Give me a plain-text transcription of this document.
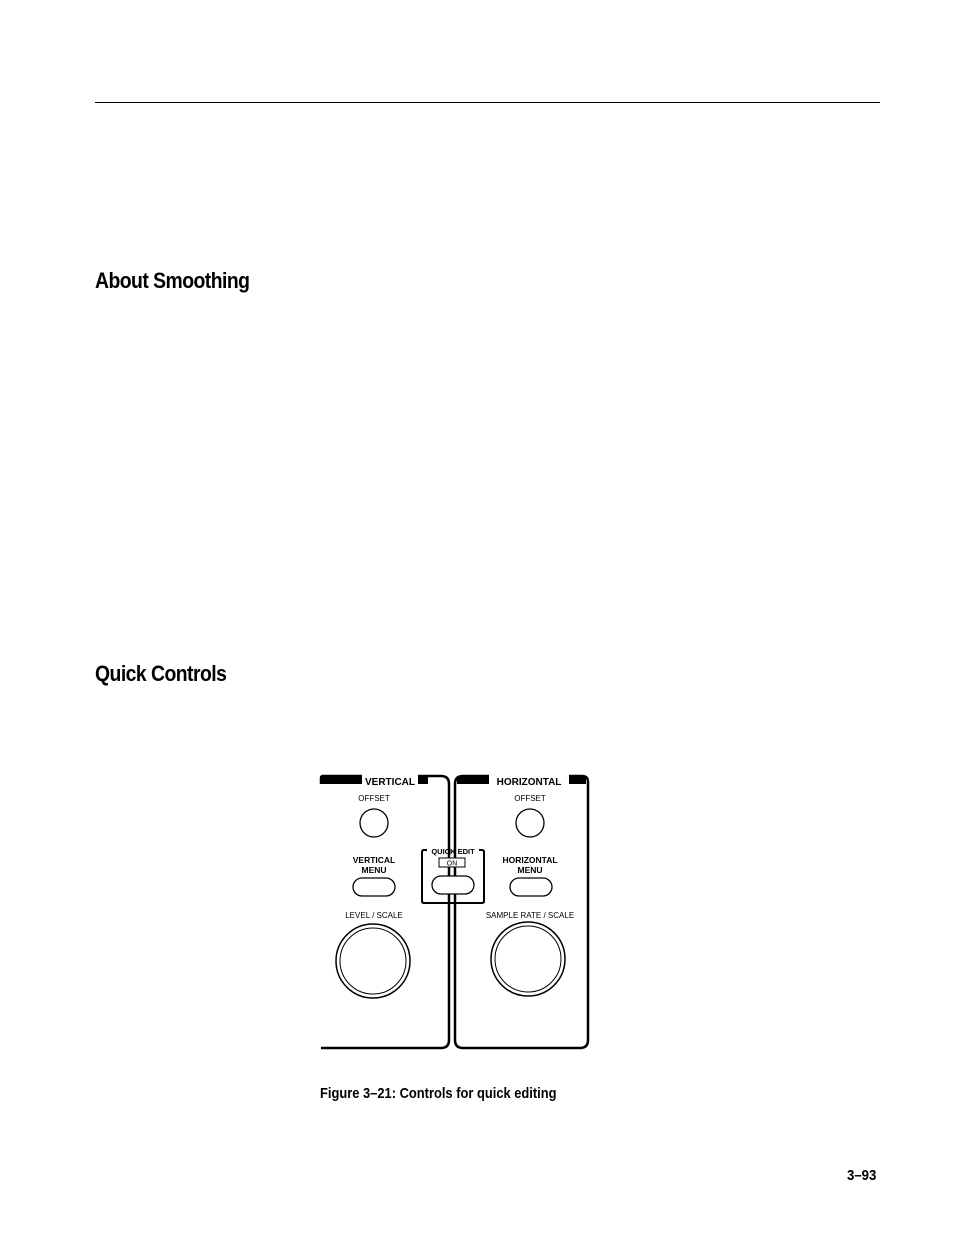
About Smoothing
Quick Controls
VERTICAL	HORIZONTAL
OFFSET
VERTICAL
MENU
LEVEL / SCALE
QUICK EDIT
ON
OFFSET
HORIZONTAL
MENU
SAMPLE RATE / SCALE
Figure 3–21: Controls for quick editing
3–93
